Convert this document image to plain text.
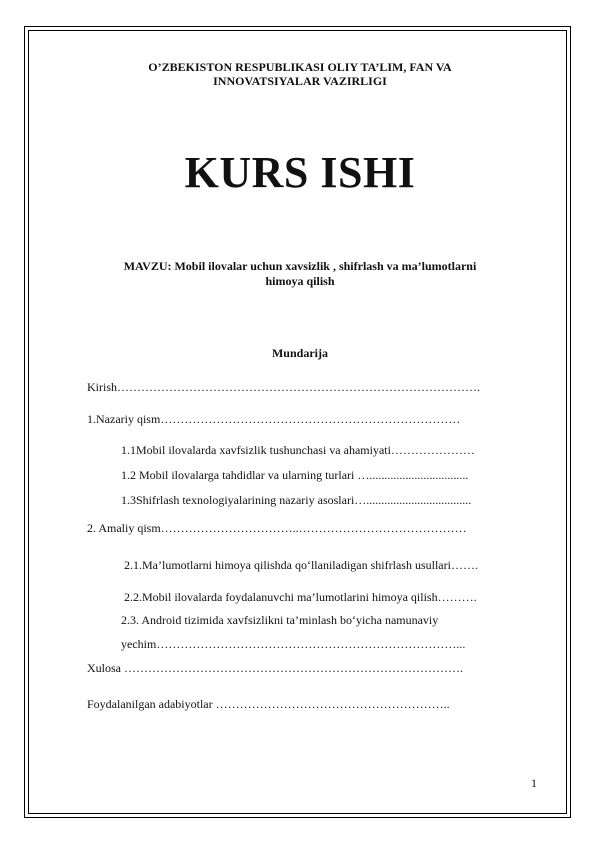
O’ZBEKISTON RESPUBLIKASI OLIY TA’LIM, FAN VA
INNOVATSIYALAR VAZIRLIGI
KURS ISHI
MAVZU: Mobil ilovalar uchun xavsizlik , shifrlash va ma’lumotlarni
himoya qilish
Mundarija
Kirish……………………………………………………………………………….
1.Nazariy qism…………………………………………………………………
1.1Mobil ilovalarda xavfsizlik tushunchasi va ahamiyati…………………
1.2 Mobil ilovalarga tahdidlar va ularning turlari ….................................
1.3Shifrlash texnologiyalarining nazariy asoslari…...................................
2. Amaliy qism……………………………..……………………………………
2.1.Ma’lumotlarni himoya qilishda qo‘llaniladigan shifrlash usullari…….
2.2.Mobil ilovalarda foydalanuvchi ma’lumotlarini himoya qilish……….
2.3. Android tizimida xavfsizlikni ta’minlash bo‘yicha namunaviy
yechim…………………………………………………………………...
Xulosa ………………………………………………………………………….
Foydalanilgan adabiyotlar …………………………………………………..
1
